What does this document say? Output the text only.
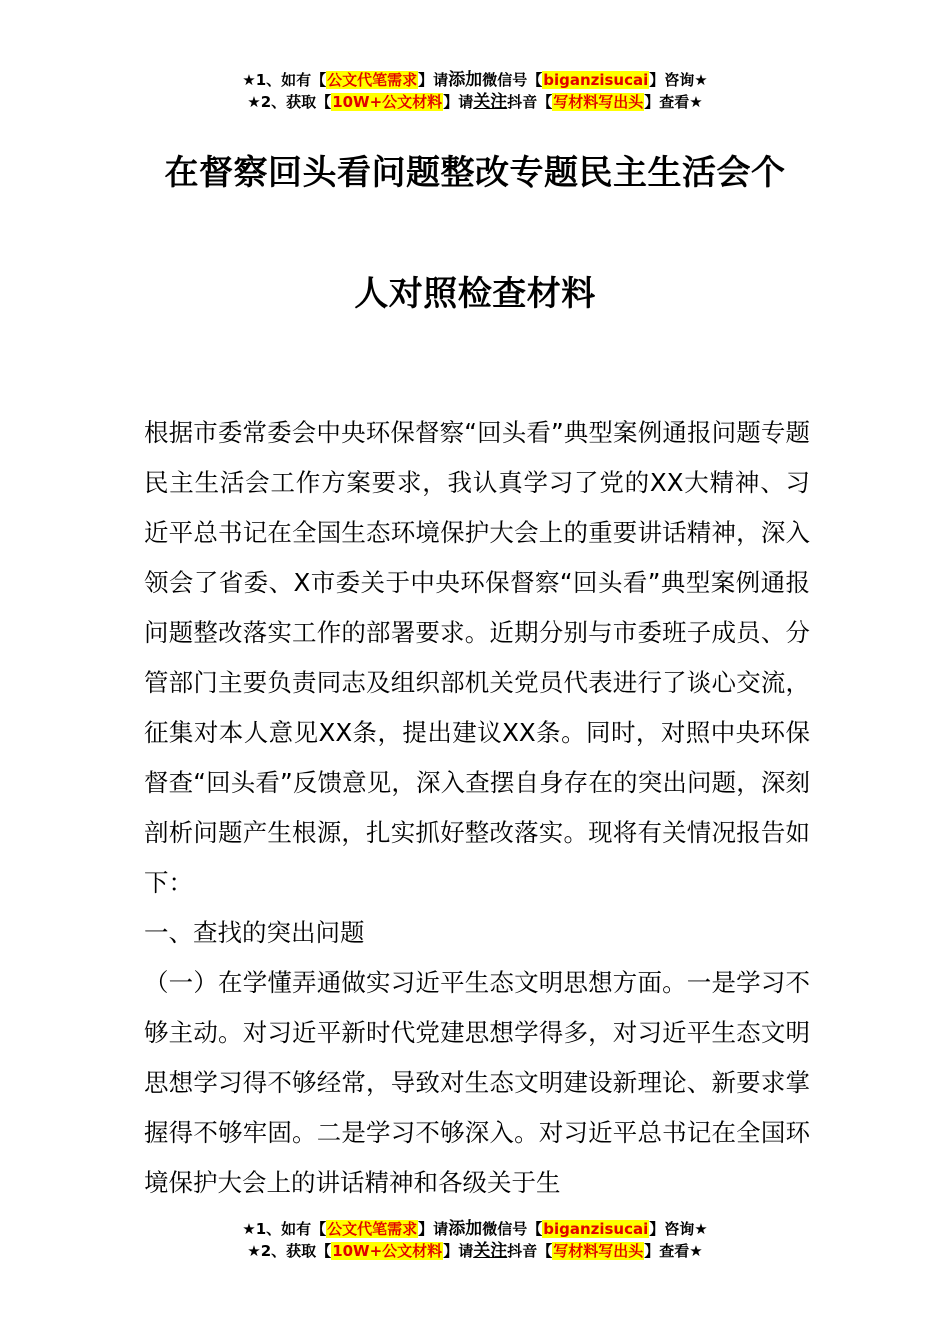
★1、如有【公文代笔需求】请添加微信号【biganzisucai】咨询★
★2、获取【10W+公文材料】请关注抖音【写材料写出头】查看★
在督察回头看问题整改专题民主生活会个
人对照检查材料

根据市委常委会中央环保督察“回头看”典型案例通报问题专题民主生活会工作方案要求，我认真学习了党的XX大精神、习近平总书记在全国生态环境保护大会上的重要讲话精神，深入领会了省委、X市委关于中央环保督察“回头看”典型案例通报问题整改落实工作的部署要求。近期分别与市委班子成员、分管部门主要负责同志及组织部机关党员代表进行了谈心交流，征集对本人意见XX条，提出建议XX条。同时，对照中央环保督查“回头看”反馈意见，深入查摆自身存在的突出问题，深刻剖析问题产生根源，扎实抓好整改落实。现将有关情况报告如下：

一、查找的突出问题

（一）在学懂弄通做实习近平生态文明思想方面。一是学习不够主动。对习近平新时代党建思想学得多，对习近平生态文明思想学习得不够经常，导致对生态文明建设新理论、新要求掌握得不够牢固。二是学习不够深入。对习近平总书记在全国环境保护大会上的讲话精神和各级关于生

★1、如有【公文代笔需求】请添加微信号【biganzisucai】咨询★
★2、获取【10W+公文材料】请关注抖音【写材料写出头】查看★
